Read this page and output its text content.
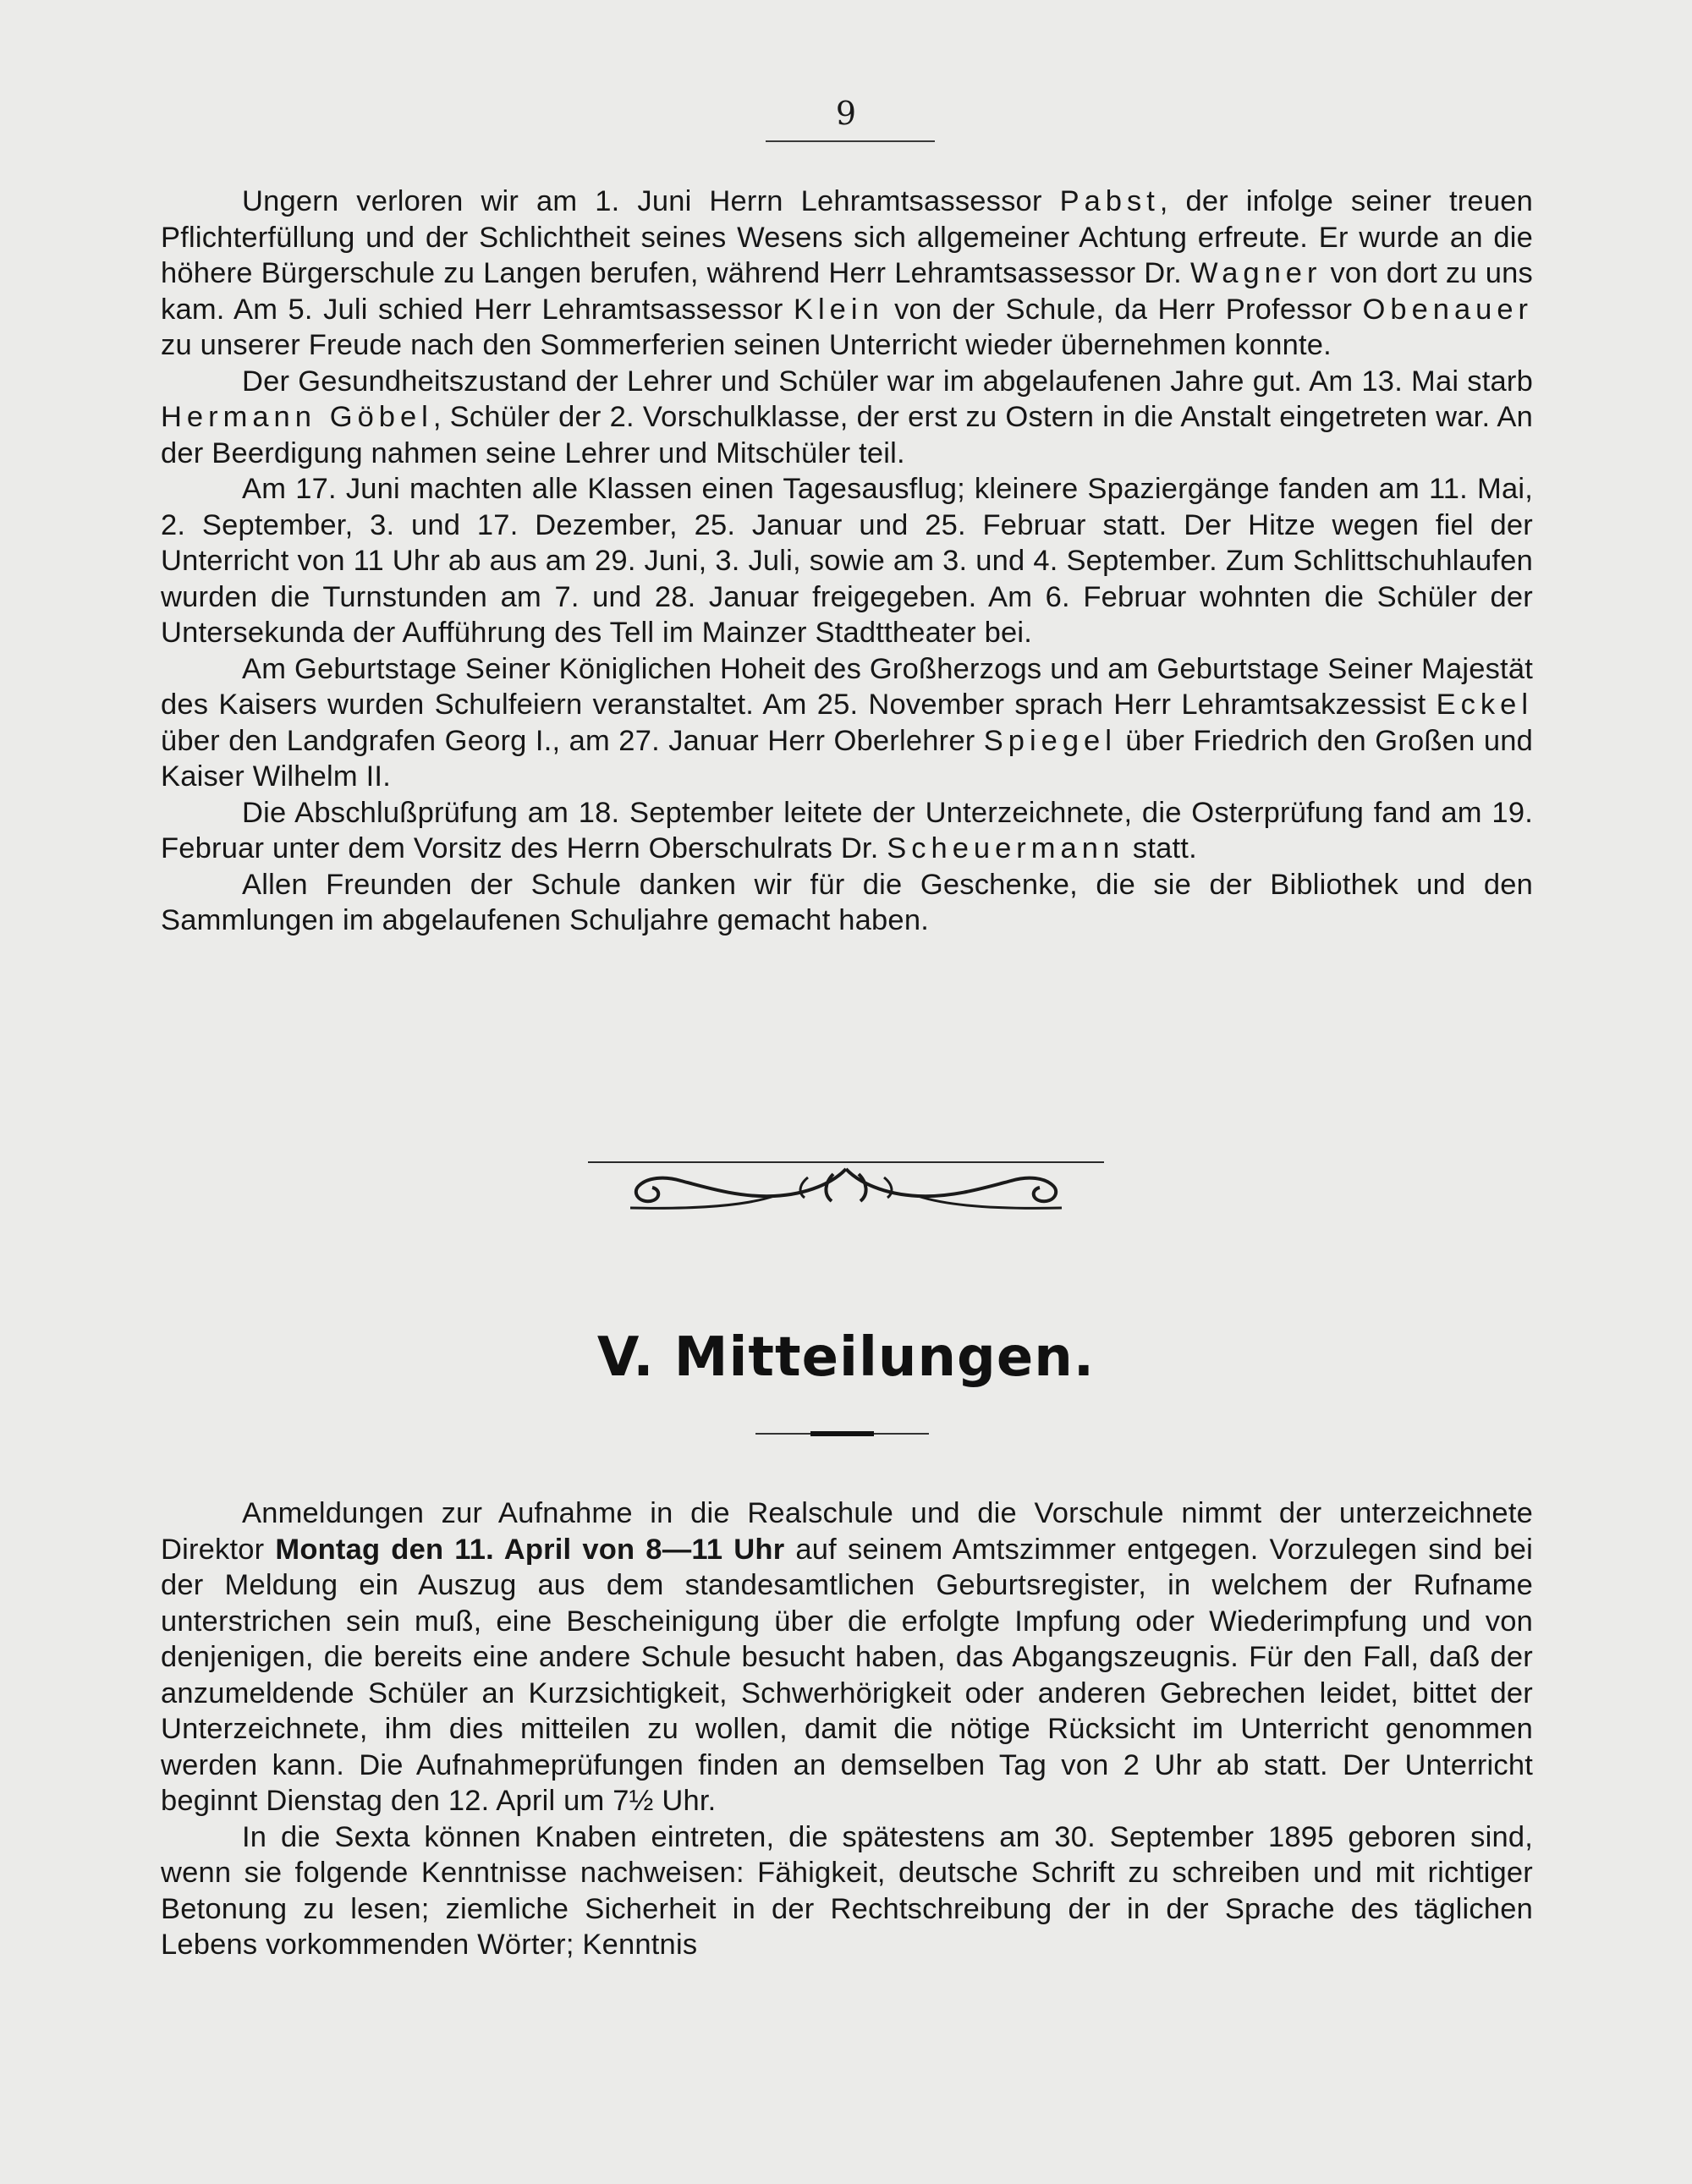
9

Ungern verloren wir am 1. Juni Herrn Lehramtsassessor Pabst, der infolge seiner treuen Pflichterfüllung und der Schlichtheit seines Wesens sich allgemeiner Achtung erfreute. Er wurde an die höhere Bürgerschule zu Langen berufen, während Herr Lehramtsassessor Dr. Wagner von dort zu uns kam. Am 5. Juli schied Herr Lehramtsassessor Klein von der Schule, da Herr Professor Obenauer zu unserer Freude nach den Sommerferien seinen Unterricht wieder übernehmen konnte.

Der Gesundheitszustand der Lehrer und Schüler war im abgelaufenen Jahre gut. Am 13. Mai starb Hermann Göbel, Schüler der 2. Vorschulklasse, der erst zu Ostern in die Anstalt eingetreten war. An der Beerdigung nahmen seine Lehrer und Mitschüler teil.

Am 17. Juni machten alle Klassen einen Tagesausflug; kleinere Spaziergänge fanden am 11. Mai, 2. September, 3. und 17. Dezember, 25. Januar und 25. Februar statt. Der Hitze wegen fiel der Unterricht von 11 Uhr ab aus am 29. Juni, 3. Juli, sowie am 3. und 4. September. Zum Schlittschuhlaufen wurden die Turnstunden am 7. und 28. Januar freigegeben. Am 6. Februar wohnten die Schüler der Untersekunda der Aufführung des Tell im Mainzer Stadttheater bei.

Am Geburtstage Seiner Königlichen Hoheit des Großherzogs und am Geburtstage Seiner Majestät des Kaisers wurden Schulfeiern veranstaltet. Am 25. November sprach Herr Lehramtsakzessist Eckel über den Landgrafen Georg I., am 27. Januar Herr Oberlehrer Spiegel über Friedrich den Großen und Kaiser Wilhelm II.

Die Abschlußprüfung am 18. September leitete der Unterzeichnete, die Osterprüfung fand am 19. Februar unter dem Vorsitz des Herrn Oberschulrats Dr. Scheuermann statt.

Allen Freunden der Schule danken wir für die Geschenke, die sie der Bibliothek und den Sammlungen im abgelaufenen Schuljahre gemacht haben.

V. Mitteilungen.

Anmeldungen zur Aufnahme in die Realschule und die Vorschule nimmt der unterzeichnete Direktor Montag den 11. April von 8—11 Uhr auf seinem Amtszimmer entgegen. Vorzulegen sind bei der Meldung ein Auszug aus dem standesamtlichen Geburtsregister, in welchem der Rufname unterstrichen sein muß, eine Bescheinigung über die erfolgte Impfung oder Wiederimpfung und von denjenigen, die bereits eine andere Schule besucht haben, das Abgangszeugnis. Für den Fall, daß der anzumeldende Schüler an Kurzsichtigkeit, Schwerhörigkeit oder anderen Gebrechen leidet, bittet der Unterzeichnete, ihm dies mitteilen zu wollen, damit die nötige Rücksicht im Unterricht genommen werden kann. Die Aufnahmeprüfungen finden an demselben Tag von 2 Uhr ab statt. Der Unterricht beginnt Dienstag den 12. April um 7½ Uhr.

In die Sexta können Knaben eintreten, die spätestens am 30. September 1895 geboren sind, wenn sie folgende Kenntnisse nachweisen: Fähigkeit, deutsche Schrift zu schreiben und mit richtiger Betonung zu lesen; ziemliche Sicherheit in der Rechtschreibung der in der Sprache des täglichen Lebens vorkommenden Wörter; Kenntnis
